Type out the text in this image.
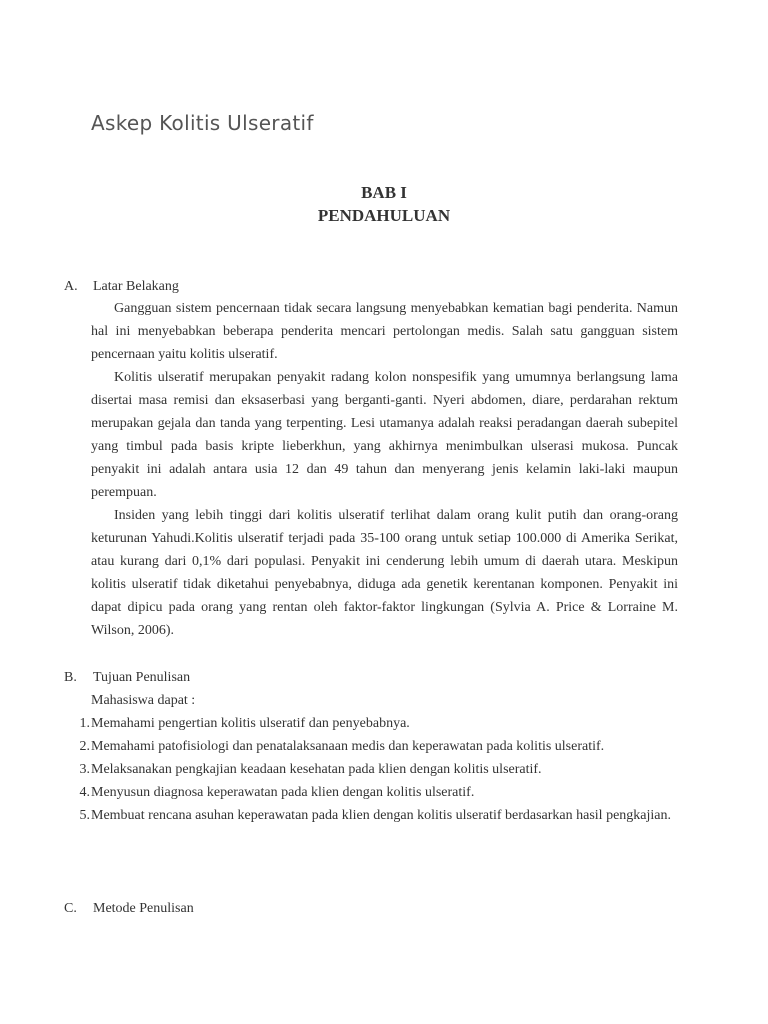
Askep Kolitis Ulseratif
BAB I
PENDAHULUAN
A. Latar Belakang

Gangguan sistem pencernaan tidak secara langsung menyebabkan kematian bagi penderita. Namun hal ini menyebabkan beberapa penderita mencari pertolongan medis. Salah satu gangguan sistem pencernaan yaitu kolitis ulseratif.

Kolitis ulseratif merupakan penyakit radang kolon nonspesifik yang umumnya berlangsung lama disertai masa remisi dan eksaserbasi yang berganti-ganti. Nyeri abdomen, diare, perdarahan rektum merupakan gejala dan tanda yang terpenting. Lesi utamanya adalah reaksi peradangan daerah subepitel yang timbul pada basis kripte lieberkhun, yang akhirnya menimbulkan ulserasi mukosa. Puncak penyakit ini adalah antara usia 12 dan 49 tahun dan menyerang jenis kelamin laki-laki maupun perempuan.

Insiden yang lebih tinggi dari kolitis ulseratif terlihat dalam orang kulit putih dan orang-orang keturunan Yahudi.Kolitis ulseratif terjadi pada 35-100 orang untuk setiap 100.000 di Amerika Serikat, atau kurang dari 0,1% dari populasi. Penyakit ini cenderung lebih umum di daerah utara. Meskipun kolitis ulseratif tidak diketahui penyebabnya, diduga ada genetik kerentanan komponen. Penyakit ini dapat dipicu pada orang yang rentan oleh faktor-faktor lingkungan (Sylvia A. Price & Lorraine M. Wilson, 2006).

B. Tujuan Penulisan
Mahasiswa dapat :
1. Memahami pengertian kolitis ulseratif dan penyebabnya.
2. Memahami patofisiologi dan penatalaksanaan medis dan keperawatan pada kolitis ulseratif.
3. Melaksanakan pengkajian keadaan kesehatan pada klien dengan kolitis ulseratif.
4. Menyusun diagnosa keperawatan pada klien dengan kolitis ulseratif.
5. Membuat rencana asuhan keperawatan pada klien dengan kolitis ulseratif berdasarkan hasil pengkajian.
C. Metode Penulisan
